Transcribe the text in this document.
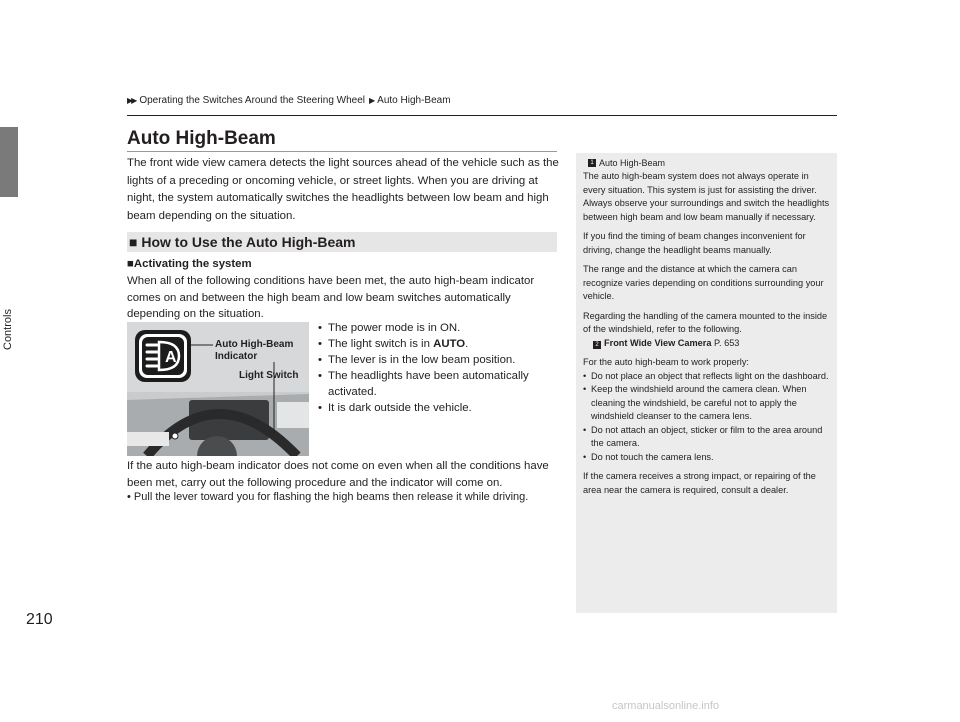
Controls
210
▶▶ Operating the Switches Around the Steering Wheel ▶ Auto High-Beam
Auto High-Beam

The front wide view camera detects the light sources ahead of the vehicle such as the lights of a preceding or oncoming vehicle, or street lights. When you are driving at night, the system automatically switches the headlights between low beam and high beam depending on the situation.

■ How to Use the Auto High-Beam
■Activating the system

When all of the following conditions have been met, the auto high-beam indicator comes on and between the high beam and low beam switches automatically depending on the situation.

A
Auto High-Beam
Indicator
Light Switch
• The power mode is in ON.
• The light switch is in AUTO.
• The lever is in the low beam position.
• The headlights have been automatically activated.
• It is dark outside the vehicle.

If the auto high-beam indicator does not come on even when all the conditions have been met, carry out the following procedure and the indicator will come on.

• Pull the lever toward you for flashing the high beams then release it while driving.

1 Auto High-Beam

The auto high-beam system does not always operate in every situation. This system is just for assisting the driver. Always observe your surroundings and switch the headlights between high beam and low beam manually if necessary.

If you find the timing of beam changes inconvenient for driving, change the headlight beams manually.

The range and the distance at which the camera can recognize varies depending on conditions surrounding your vehicle.

Regarding the handling of the camera mounted to the inside of the windshield, refer to the following.
2 Front Wide View Camera P. 653

For the auto high-beam to work properly:

• Do not place an object that reflects light on the dashboard.
• Keep the windshield around the camera clean. When cleaning the windshield, be careful not to apply the windshield cleanser to the camera lens.
• Do not attach an object, sticker or film to the area around the camera.
• Do not touch the camera lens.

If the camera receives a strong impact, or repairing of the area near the camera is required, consult a dealer.

carmanualsonline.info
